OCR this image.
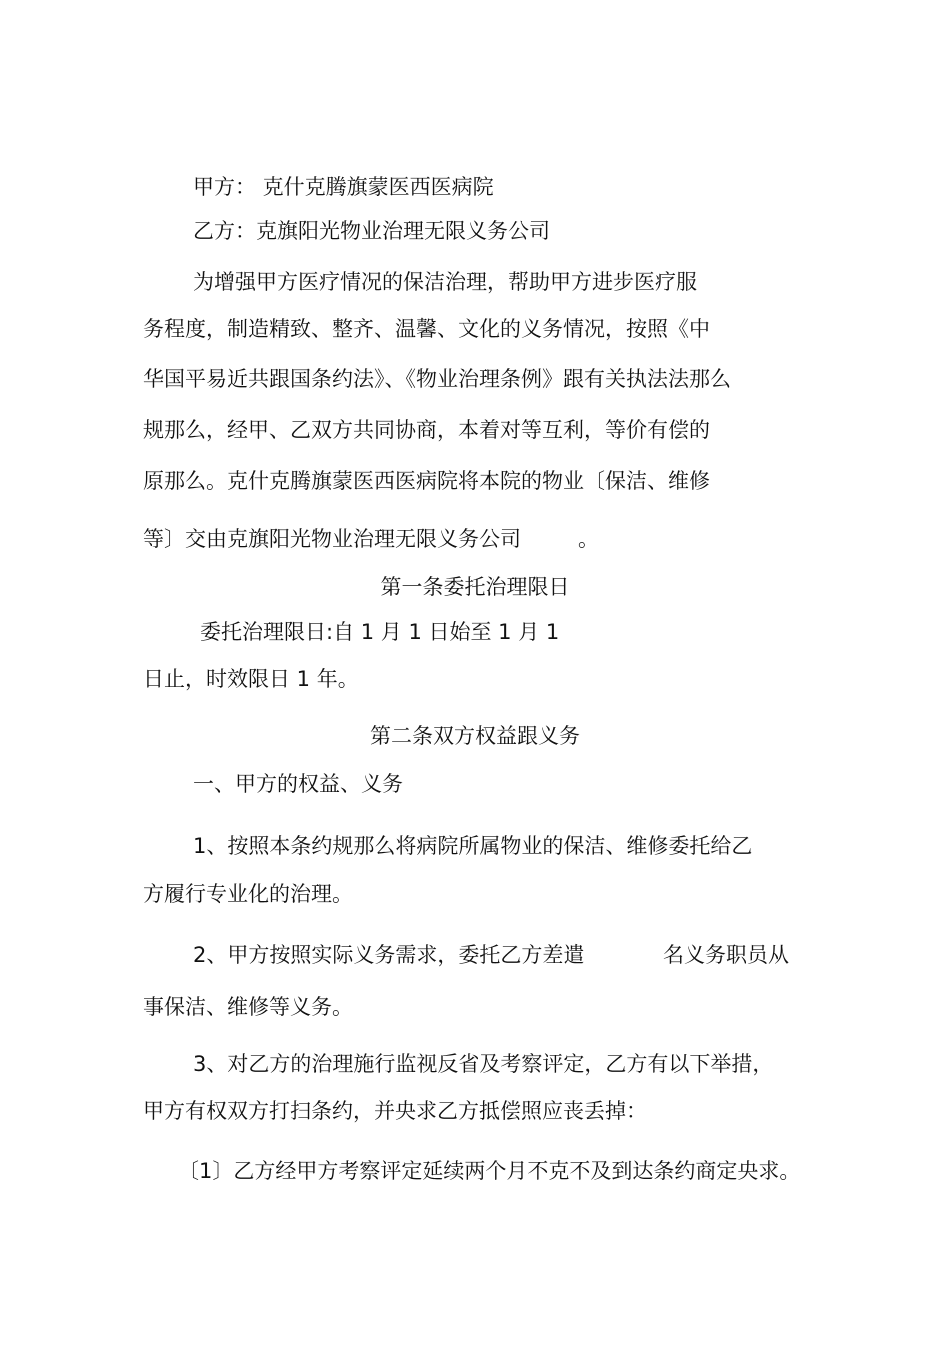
甲方： 克什克腾旗蒙医西医病院

乙方：克旗阳光物业治理无限义务公司

为增强甲方医疗情况的保洁治理，帮助甲方进步医疗服

务程度，制造精致、整齐、温馨、文化的义务情况，按照《中

华国平易近共跟国条约法》、《物业治理条例》跟有关执法法那么

规那么，经甲、乙双方共同协商，本着对等互利，等价有偿的

原那么。克什克腾旗蒙医西医病院将本院的物业〔保洁、维修

等〕交由克旗阳光物业治理无限义务公司	。

第一条委托治理限日

委托治理限日:自 1 月 1 日始至 1 月 1

日止，时效限日 1 年。

第二条双方权益跟义务

一、甲方的权益、义务

1、按照本条约规那么将病院所属物业的保洁、维修委托给乙

方履行专业化的治理。

2、甲方按照实际义务需求，委托乙方差遣	名义务职员从

事保洁、维修等义务。

3、对乙方的治理施行监视反省及考察评定，乙方有以下举措，

甲方有权双方打扫条约，并央求乙方抵偿照应丧丢掉：

〔1〕乙方经甲方考察评定延续两个月不克不及到达条约商定央求。
